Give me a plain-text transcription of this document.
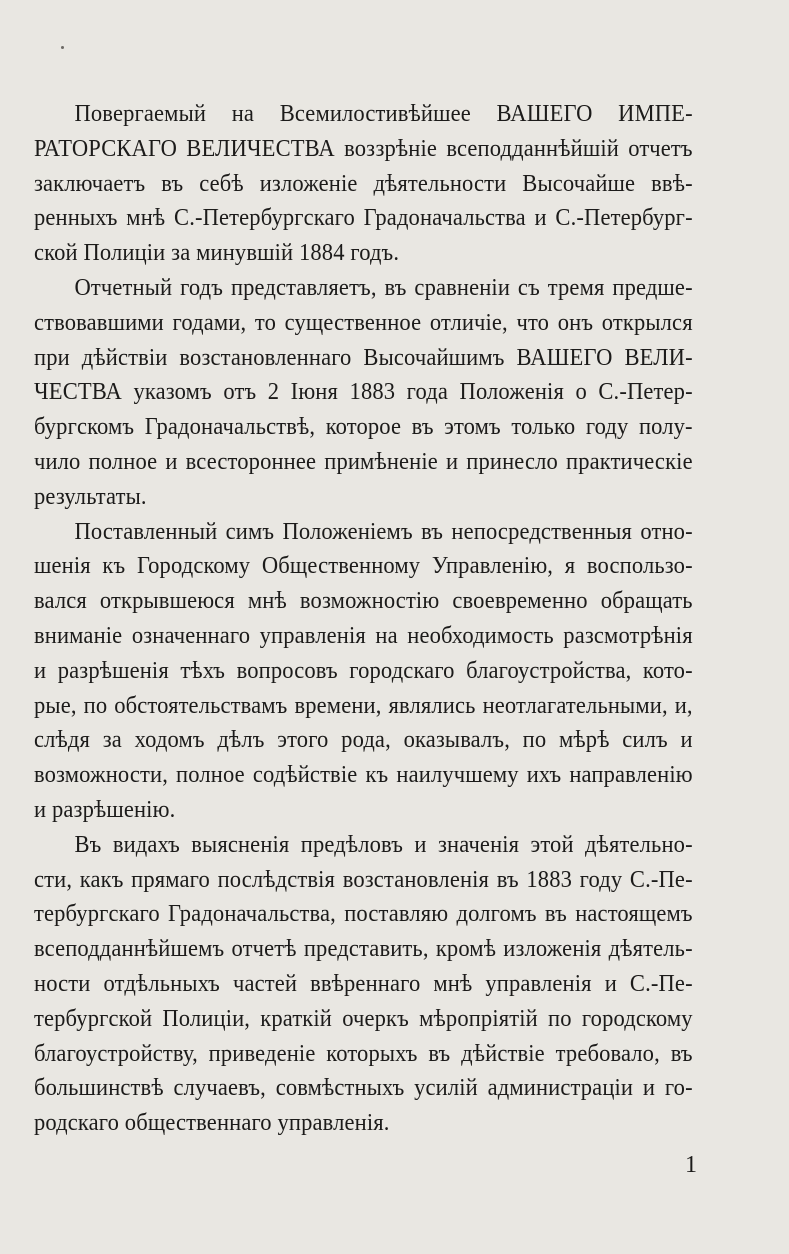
Повергаемый на Всемилостивѣйшее ВАШЕГО ИМПЕ-
РАТОРСКАГО ВЕЛИЧЕСТВА воззрѣніе всеподданнѣйшій отчетъ
заключаетъ въ себѣ изложеніе дѣятельности Высочайше ввѣ-
ренныхъ мнѣ С.-Петербургскаго Градоначальства и С.-Петербург-
ской Полиціи за минувшій 1884 годъ.
Отчетный годъ представляетъ, въ сравненіи съ тремя предше-
ствовавшими годами, то существенное отличіе, что онъ открылся
при дѣйствіи возстановленнаго Высочайшимъ ВАШЕГО ВЕЛИ-
ЧЕСТВА указомъ отъ 2 Іюня 1883 года Положенія о С.-Петер-
бургскомъ Градоначальствѣ, которое въ этомъ только году полу-
чило полное и всестороннее примѣненіе и принесло практическіе
результаты.
Поставленный симъ Положеніемъ въ непосредственныя отно-
шенія къ Городскому Общественному Управленію, я воспользо-
вался открывшеюся мнѣ возможностію своевременно обращать
вниманіе означеннаго управленія на необходимость разсмотрѣнія
и разрѣшенія тѣхъ вопросовъ городскаго благоустройства, кото-
рые, по обстоятельствамъ времени, являлись неотлагательными, и,
слѣдя за ходомъ дѣлъ этого рода, оказывалъ, по мѣрѣ силъ и
возможности, полное содѣйствіе къ наилучшему ихъ направленію
и разрѣшенію.
Въ видахъ выясненія предѣловъ и значенія этой дѣятельно-
сти, какъ прямаго послѣдствія возстановленія въ 1883 году С.-Пе-
тербургскаго Градоначальства, поставляю долгомъ въ настоящемъ
всеподданнѣйшемъ отчетѣ представить, кромѣ изложенія дѣятель-
ности отдѣльныхъ частей ввѣреннаго мнѣ управленія и С.-Пе-
тербургской Полиціи, краткій очеркъ мѣропріятій по городскому
благоустройству, приведеніе которыхъ въ дѣйствіе требовало, въ
большинствѣ случаевъ, совмѣстныхъ усилій администраціи и го-
родскаго общественнаго управленія.
1
